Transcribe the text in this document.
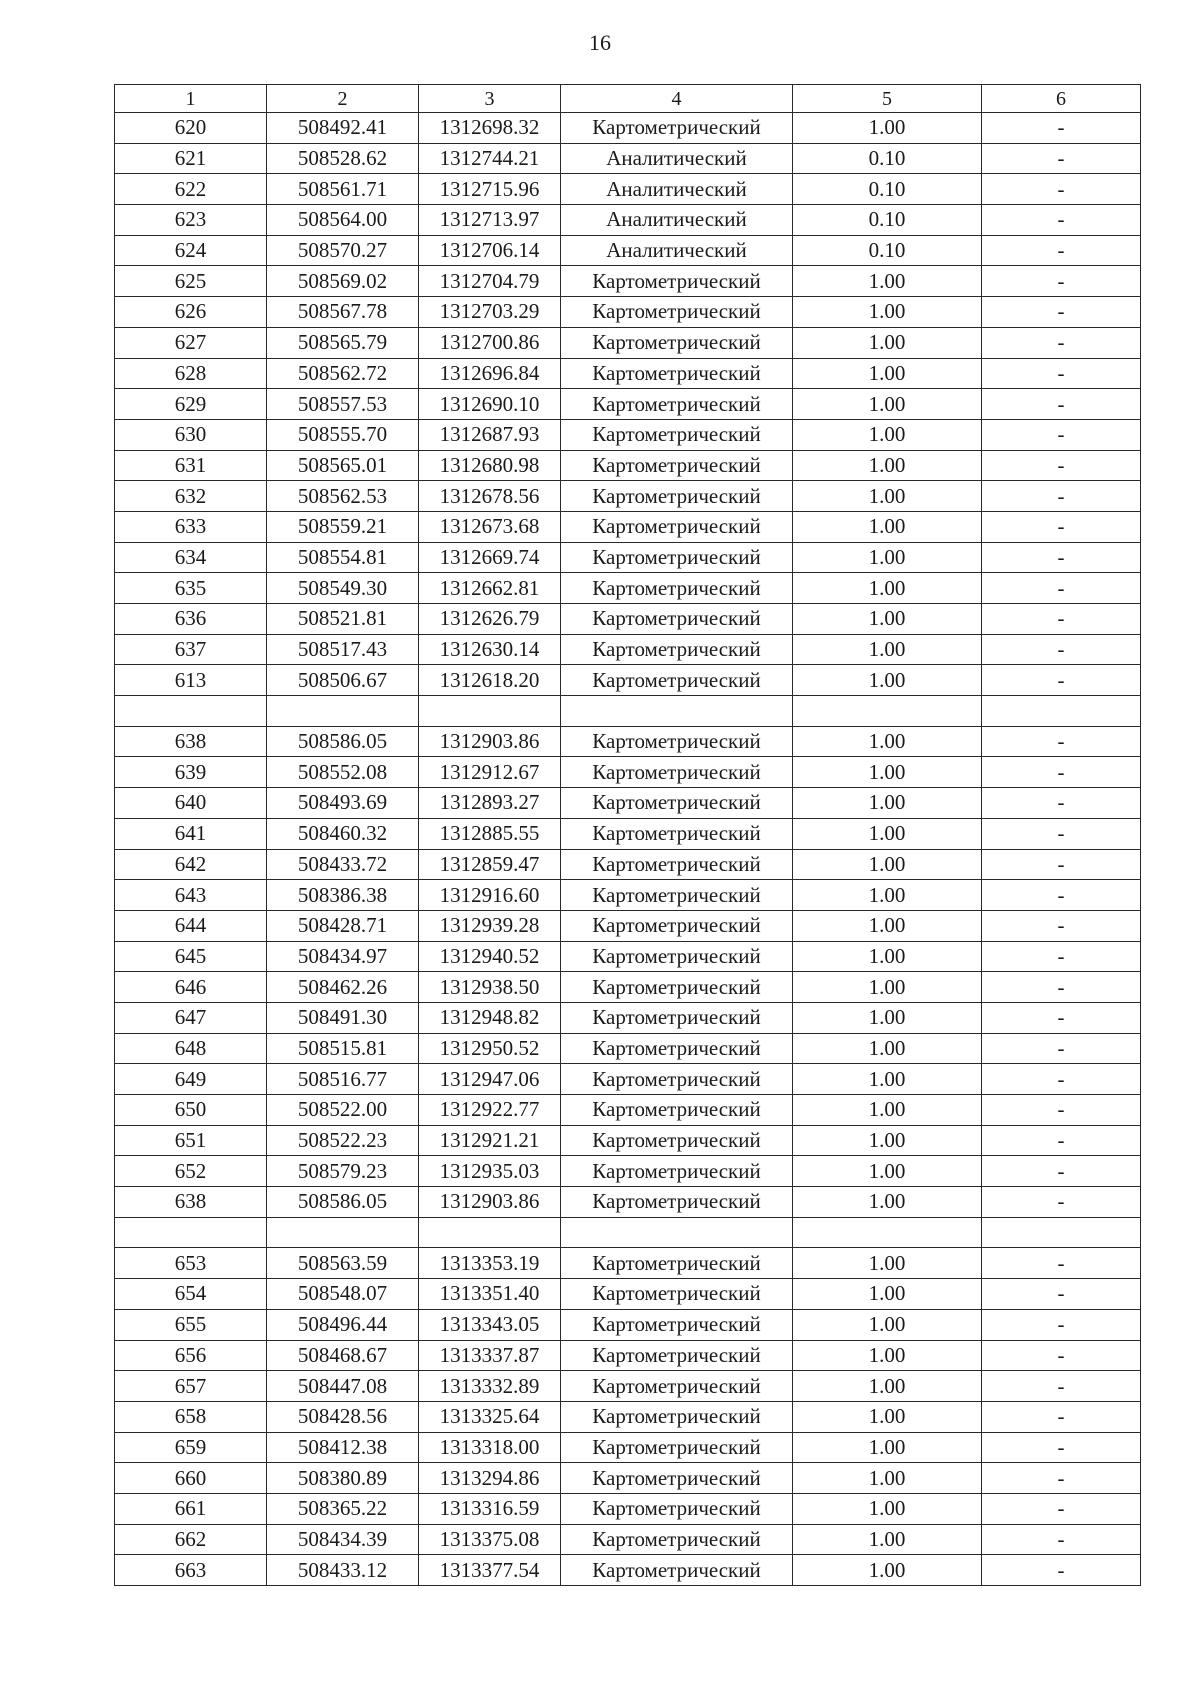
16
1	2	3	4	5	6
620	508492.41	1312698.32	Картометрический	1.00	-
621	508528.62	1312744.21	Аналитический	0.10	-
622	508561.71	1312715.96	Аналитический	0.10	-
623	508564.00	1312713.97	Аналитический	0.10	-
624	508570.27	1312706.14	Аналитический	0.10	-
625	508569.02	1312704.79	Картометрический	1.00	-
626	508567.78	1312703.29	Картометрический	1.00	-
627	508565.79	1312700.86	Картометрический	1.00	-
628	508562.72	1312696.84	Картометрический	1.00	-
629	508557.53	1312690.10	Картометрический	1.00	-
630	508555.70	1312687.93	Картометрический	1.00	-
631	508565.01	1312680.98	Картометрический	1.00	-
632	508562.53	1312678.56	Картометрический	1.00	-
633	508559.21	1312673.68	Картометрический	1.00	-
634	508554.81	1312669.74	Картометрический	1.00	-
635	508549.30	1312662.81	Картометрический	1.00	-
636	508521.81	1312626.79	Картометрический	1.00	-
637	508517.43	1312630.14	Картометрический	1.00	-
613	508506.67	1312618.20	Картометрический	1.00	-

638	508586.05	1312903.86	Картометрический	1.00	-
639	508552.08	1312912.67	Картометрический	1.00	-
640	508493.69	1312893.27	Картометрический	1.00	-
641	508460.32	1312885.55	Картометрический	1.00	-
642	508433.72	1312859.47	Картометрический	1.00	-
643	508386.38	1312916.60	Картометрический	1.00	-
644	508428.71	1312939.28	Картометрический	1.00	-
645	508434.97	1312940.52	Картометрический	1.00	-
646	508462.26	1312938.50	Картометрический	1.00	-
647	508491.30	1312948.82	Картометрический	1.00	-
648	508515.81	1312950.52	Картометрический	1.00	-
649	508516.77	1312947.06	Картометрический	1.00	-
650	508522.00	1312922.77	Картометрический	1.00	-
651	508522.23	1312921.21	Картометрический	1.00	-
652	508579.23	1312935.03	Картометрический	1.00	-
638	508586.05	1312903.86	Картометрический	1.00	-

653	508563.59	1313353.19	Картометрический	1.00	-
654	508548.07	1313351.40	Картометрический	1.00	-
655	508496.44	1313343.05	Картометрический	1.00	-
656	508468.67	1313337.87	Картометрический	1.00	-
657	508447.08	1313332.89	Картометрический	1.00	-
658	508428.56	1313325.64	Картометрический	1.00	-
659	508412.38	1313318.00	Картометрический	1.00	-
660	508380.89	1313294.86	Картометрический	1.00	-
661	508365.22	1313316.59	Картометрический	1.00	-
662	508434.39	1313375.08	Картометрический	1.00	-
663	508433.12	1313377.54	Картометрический	1.00	-
